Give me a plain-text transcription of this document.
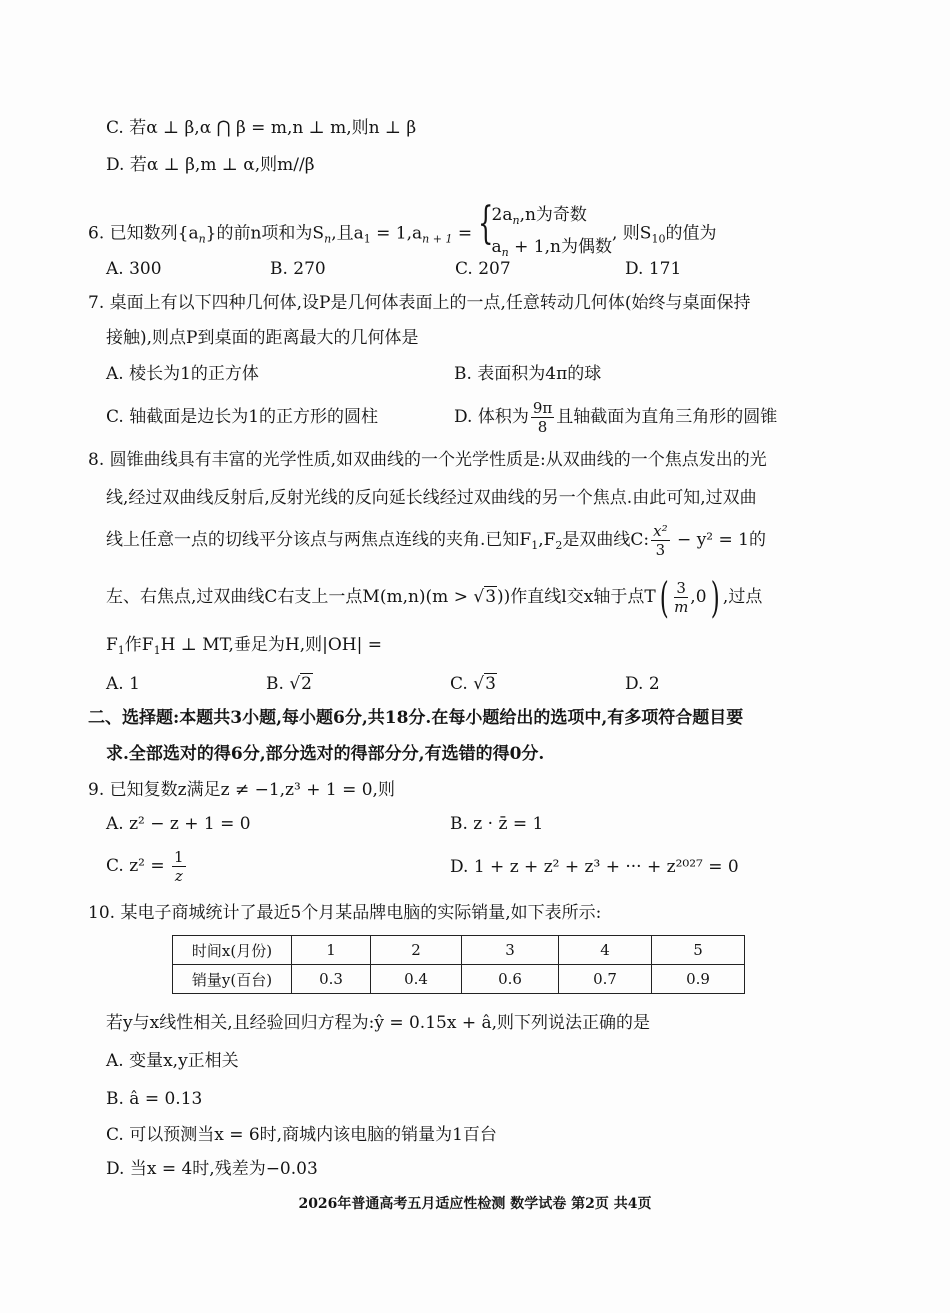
C. 若α ⊥ β,α ⋂ β = m,n ⊥ m,则n ⊥ β
D. 若α ⊥ β,m ⊥ α,则m//β
6. 已知数列$\{a_n\}$的前n项和为$S_n$,且$a_1 = 1,a_{n + 1}$ = {
$2a_n,n$为奇数
$a_n + 1,n$为偶数
, 则$S_{10}$的值为
A. 300	B. 270	C. 207	D. 171
7. 桌面上有以下四种几何体,设P是几何体表面上的一点,任意转动几何体(始终与桌面保持
接触),则点P到桌面的距离最大的几何体是
A. 棱长为1的正方体	B. 表面积为4π的球
C. 轴截面是边长为1的正方形的圆柱	D. 体积为 $\frac{9\pi}{8}$ 且轴截面为直角三角形的圆锥
8. 圆锥曲线具有丰富的光学性质,如双曲线的一个光学性质是:从双曲线的一个焦点发出的光
线,经过双曲线反射后,反射光线的反向延长线经过双曲线的另一个焦点.由此可知,过双曲
线上任意一点的切线平分该点与两焦点连线的夹角.已知$F_1,F_2$是双曲线C: $\frac{\text{x²}}{3} - y^2 = 1$的
左、右焦点,过双曲线C右支上一点M(m,n)(m > √3))作直线l交x轴于点$T( \frac{3}{m} ,0)$ ,过点
$F_1$作$F_1H$ ⊥ MT,垂足为H,则|OH| =
A. 1	B. √2	C. √3	D. 2
二、选择题:本题共3小题,每小题6分,共18分.在每小题给出的选项中,有多项符合题目要
求.全部选对的得6分,部分选对的得部分分,有选错的得0分.
9. 已知复数z满足z ≠ −1,z³ + 1 = 0,则
A. z² − z + 1 = 0	B. z · z̄ = 1
C. $z^2 = \frac{1}{z}$	D. 1 + z + z² + z³ + ··· + z²⁰²⁷ = 0
10. 某电子商城统计了最近5个月某品牌电脑的实际销量,如下表所示:
时间x(月份)	1	2	3	4	5
销量y(百台)	0.3	0.4	0.6	0.7	0.9
若y与x线性相关,且经验回归方程为:ŷ = 0.15x + â,则下列说法正确的是
A. 变量x,y正相关
B. â = 0.13
C. 可以预测当x = 6时,商城内该电脑的销量为1百台
D. 当x = 4时,残差为−0.03
2026年普通高考五月适应性检测 数学试卷 第2页 共4页
